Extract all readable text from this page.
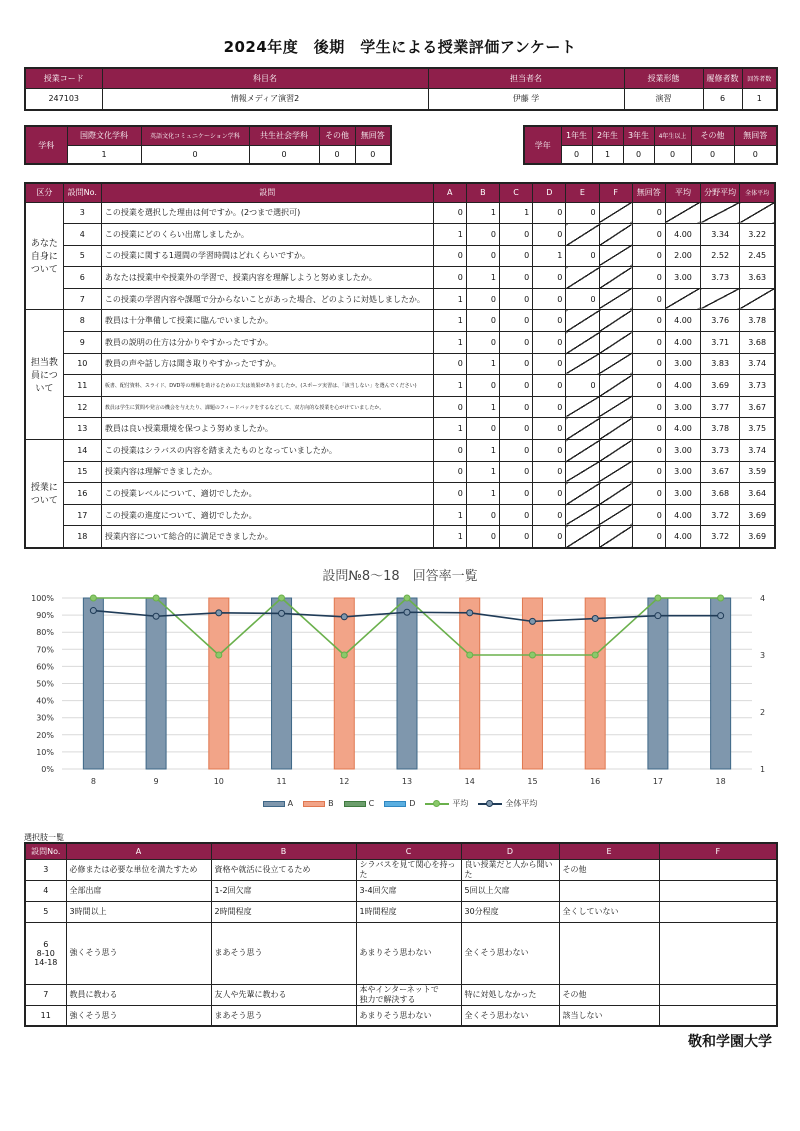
2024年度　後期　学生による授業評価アンケート
授業コード	科目名	担当者名	授業形態	履修者数	回答者数
247103	情報メディア演習2	伊藤 学	演習	6	1
学科	国際文化学科	英語文化コミュニケーション学科	共生社会学科	その他	無回答
	1	0	0	0	0
学年	1年生	2年生	3年生	4年生以上	その他	無回答
	0	1	0	0	0	0
区分	設問No.	設問	A	B	C	D	E	F	無回答	平均	分野平均	全体平均
あなた自身について	3	この授業を選択した理由は何ですか。(2つまで選択可)	0	1	1	0	0		0			
	4	この授業にどのくらい出席しましたか。	1	0	0	0			0	4.00	3.34	3.22
	5	この授業に関する1週間の学習時間はどれくらいですか。	0	0	0	1	0		0	2.00	2.52	2.45
	6	あなたは授業中や授業外の学習で、授業内容を理解しようと努めましたか。	0	1	0	0			0	3.00	3.73	3.63
	7	この授業の学習内容や課題で分からないことがあった場合、どのように対処しましたか。	1	0	0	0	0		0			
担当教員について	8	教員は十分準備して授業に臨んでいましたか。	1	0	0	0			0	4.00	3.76	3.78
	9	教員の説明の仕方は分かりやすかったですか。	1	0	0	0			0	4.00	3.71	3.68
	10	教員の声や話し方は聞き取りやすかったですか。	0	1	0	0			0	3.00	3.83	3.74
	11	板書、配付資料、スライド、DVD等の理解を助けるための工夫は効果がありましたか。(スポーツ実習は、「該当しない」を選んでください)	1	0	0	0	0		0	4.00	3.69	3.73
	12	教員は学生に質問や発言の機会を与えたり、課題のフィードバックをするなどして、双方向的な授業を心がけていましたか。	0	1	0	0			0	3.00	3.77	3.67
	13	教員は良い授業環境を保つよう努めましたか。	1	0	0	0			0	4.00	3.78	3.75
授業について	14	この授業はシラバスの内容を踏まえたものとなっていましたか。	0	1	0	0			0	3.00	3.73	3.74
	15	授業内容は理解できましたか。	0	1	0	0			0	3.00	3.67	3.59
	16	この授業レベルについて、適切でしたか。	0	1	0	0			0	3.00	3.68	3.64
	17	この授業の進度について、適切でしたか。	1	0	0	0			0	4.00	3.72	3.69
	18	授業内容について総合的に満足できましたか。	1	0	0	0			0	4.00	3.72	3.69
設問№8～18　回答率一覧
0%
10%
20%
30%
40%
50%
60%
70%
80%
90%
100%
1
2
3
4
8	9	10	11	12	13	14	15	16	17	18
A	B	C	D	平均	全体平均
選択肢一覧
設問No.	A	B	C	D	E	F
3	必修または必要な単位を満たすため	資格や就活に役立てるため	シラバスを見て関心を持った	良い授業だと人から聞いた	その他	
4	全部出席	1-2回欠席	3-4回欠席	5回以上欠席		
5	3時間以上	2時間程度	1時間程度	30分程度	全くしていない	
6
8-10
14-18	強くそう思う	まあそう思う	あまりそう思わない	全くそう思わない		
7	教員に教わる	友人や先輩に教わる	本やインターネットで
独力で解決する	特に対処しなかった	その他	
11	強くそう思う	まあそう思う	あまりそう思わない	全くそう思わない	該当しない	
敬和学園大学
